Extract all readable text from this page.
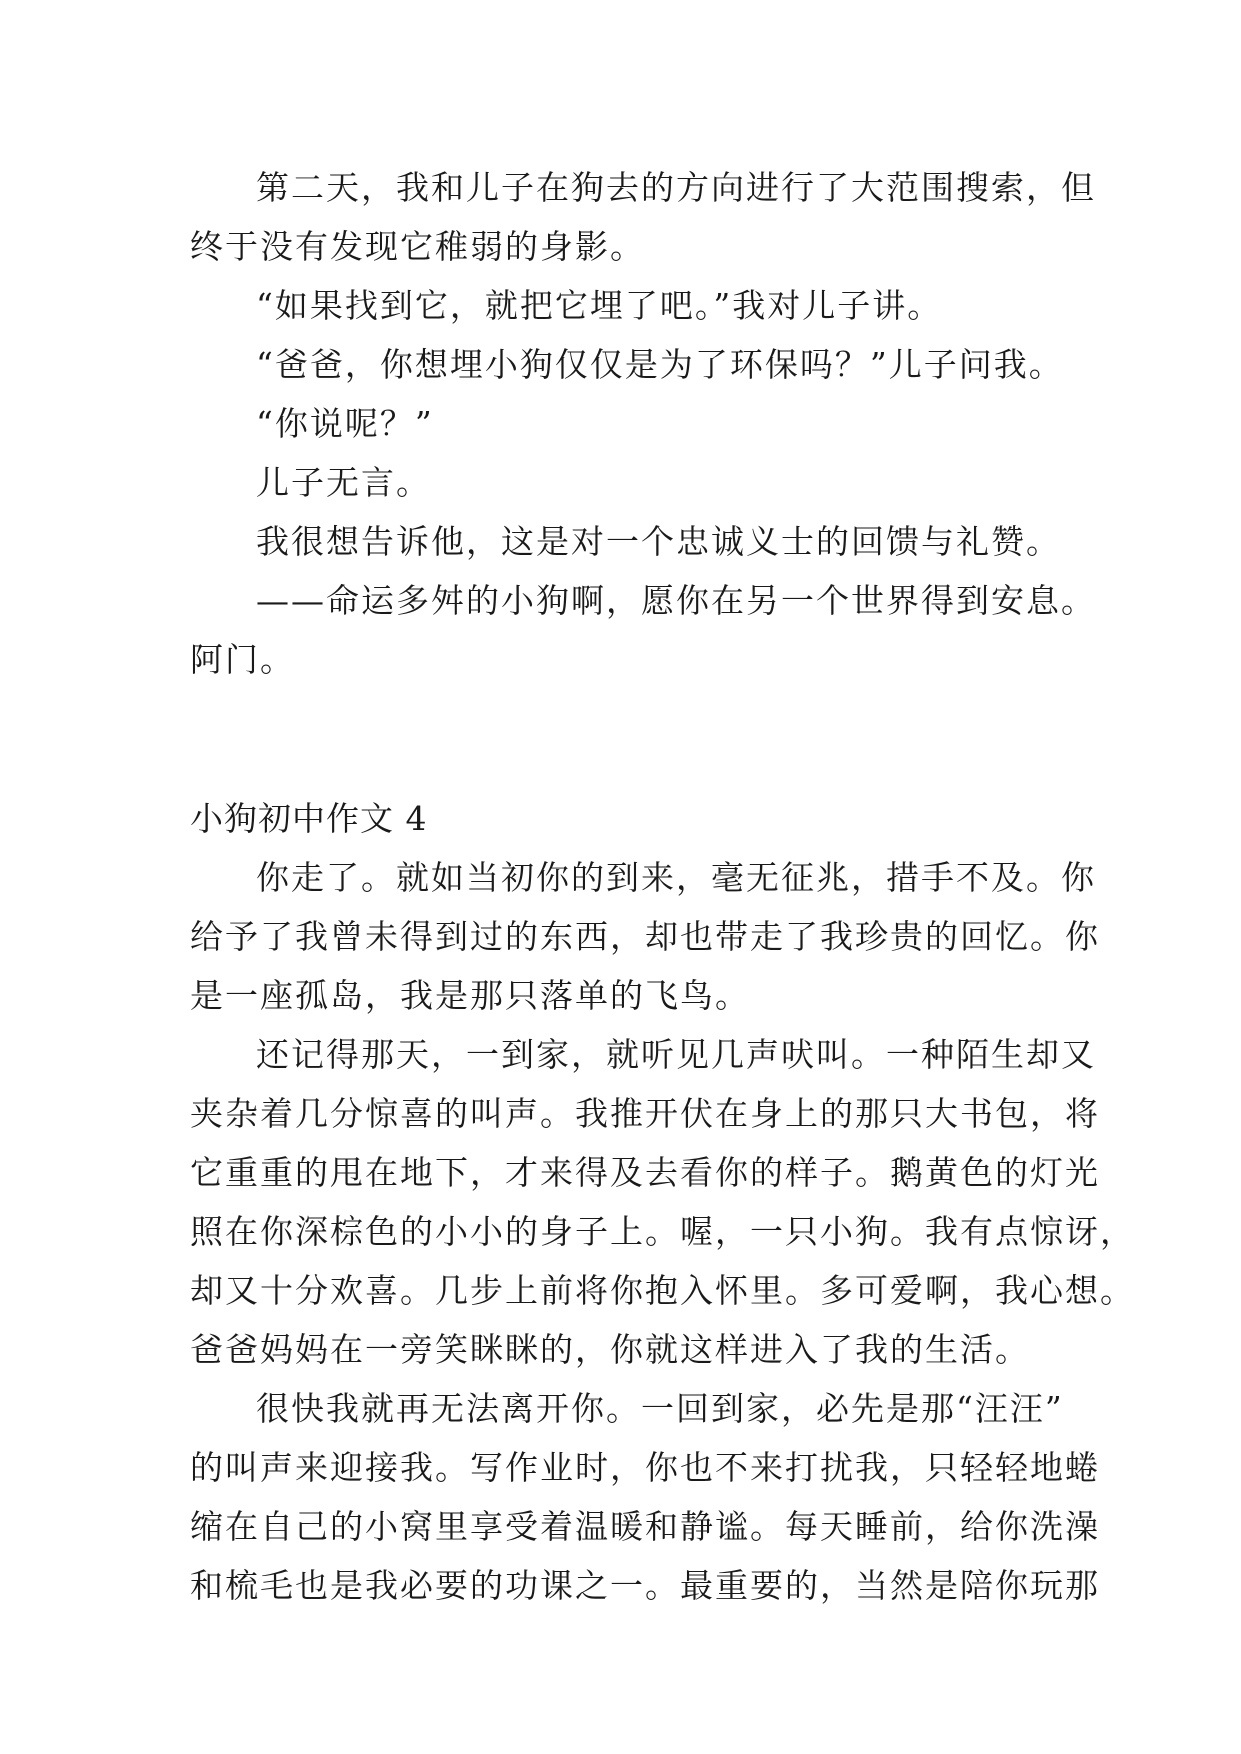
第二天，我和儿子在狗去的方向进行了大范围搜索，但
终于没有发现它稚弱的身影。
“如果找到它，就把它埋了吧。”我对儿子讲。
“爸爸，你想埋小狗仅仅是为了环保吗？”儿子问我。
“你说呢？”
儿子无言。
我很想告诉他，这是对一个忠诚义士的回馈与礼赞。
——命运多舛的小狗啊，愿你在另一个世界得到安息。
阿门。
小狗初中作文 4
你走了。就如当初你的到来，毫无征兆，措手不及。你
给予了我曾未得到过的东西，却也带走了我珍贵的回忆。你
是一座孤岛，我是那只落单的飞鸟。
还记得那天，一到家，就听见几声吠叫。一种陌生却又
夹杂着几分惊喜的叫声。我推开伏在身上的那只大书包，将
它重重的甩在地下，才来得及去看你的样子。鹅黄色的灯光
照在你深棕色的小小的身子上。喔，一只小狗。我有点惊讶，
却又十分欢喜。几步上前将你抱入怀里。多可爱啊，我心想。
爸爸妈妈在一旁笑眯眯的，你就这样进入了我的生活。
很快我就再无法离开你。一回到家，必先是那“汪汪”
的叫声来迎接我。写作业时，你也不来打扰我，只轻轻地蜷
缩在自己的小窝里享受着温暖和静谧。每天睡前，给你洗澡
和梳毛也是我必要的功课之一。最重要的，当然是陪你玩那
